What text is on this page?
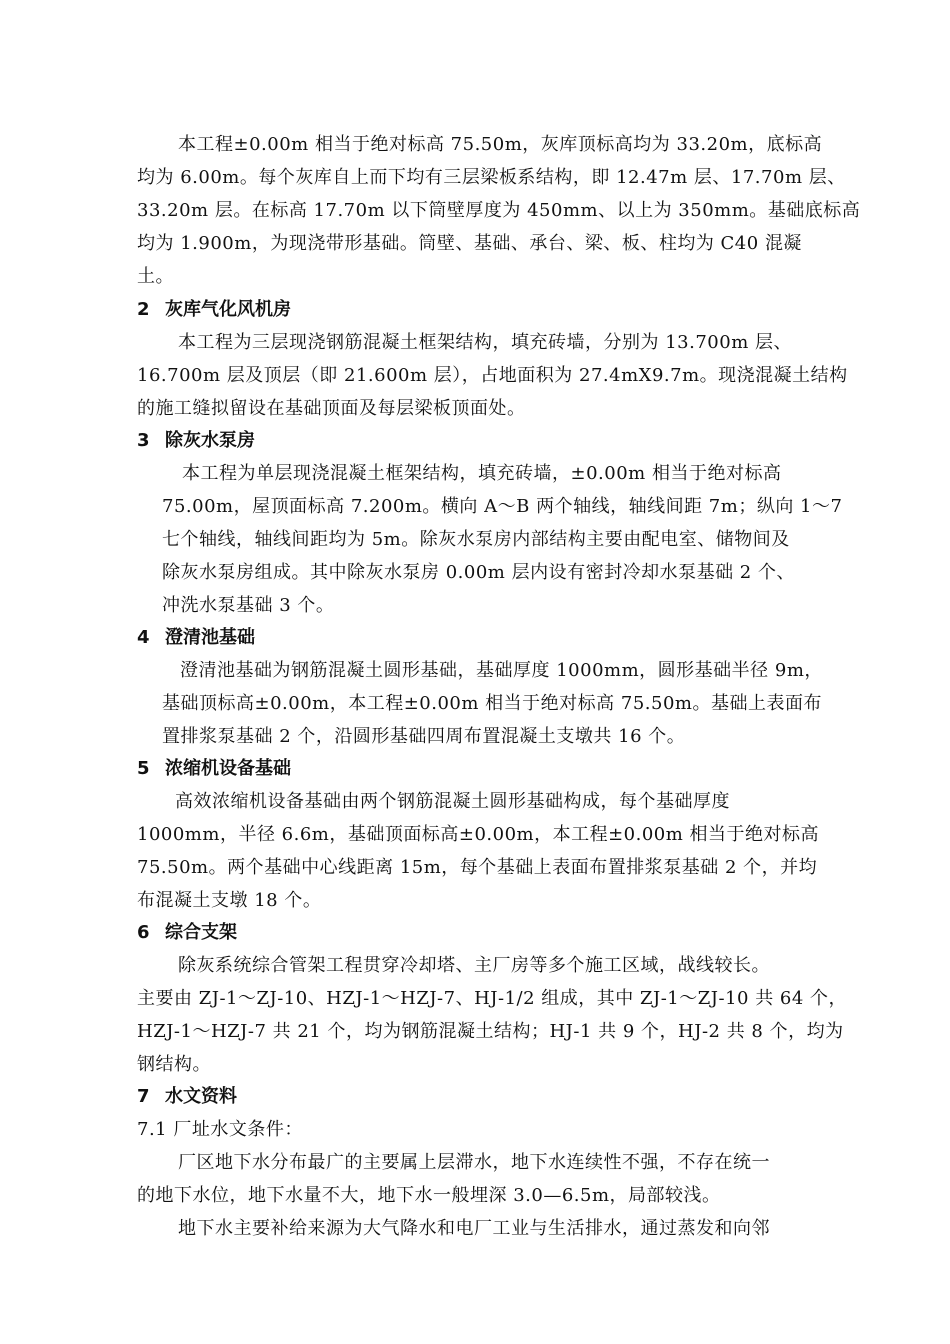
本工程±0.00m 相当于绝对标高 75.50m，灰库顶标高均为 33.20m，底标高
均为 6.00m。每个灰库自上而下均有三层梁板系结构，即 12.47m 层、17.70m 层、
33.20m 层。在标高 17.70m 以下筒壁厚度为 450mm、以上为 350mm。基础底标高
均为 1.900m，为现浇带形基础。筒壁、基础、承台、梁、板、柱均为 C40 混凝
土。
2 灰库气化风机房
本工程为三层现浇钢筋混凝土框架结构，填充砖墙，分别为 13.700m 层、
16.700m 层及顶层（即 21.600m 层），占地面积为 27.4mX9.7m。现浇混凝土结构
的施工缝拟留设在基础顶面及每层梁板顶面处。
3 除灰水泵房
本工程为单层现浇混凝土框架结构，填充砖墙，±0.00m 相当于绝对标高
75.00m，屋顶面标高 7.200m。横向 A～B 两个轴线，轴线间距 7m；纵向 1～7
七个轴线，轴线间距均为 5m。除灰水泵房内部结构主要由配电室、储物间及
除灰水泵房组成。其中除灰水泵房 0.00m 层内设有密封冷却水泵基础 2 个、
冲洗水泵基础 3 个。
4 澄清池基础
澄清池基础为钢筋混凝土圆形基础，基础厚度 1000mm，圆形基础半径 9m，
基础顶标高±0.00m，本工程±0.00m 相当于绝对标高 75.50m。基础上表面布
置排浆泵基础 2 个，沿圆形基础四周布置混凝土支墩共 16 个。
5 浓缩机设备基础
高效浓缩机设备基础由两个钢筋混凝土圆形基础构成，每个基础厚度
1000mm，半径 6.6m，基础顶面标高±0.00m，本工程±0.00m 相当于绝对标高
75.50m。两个基础中心线距离 15m，每个基础上表面布置排浆泵基础 2 个，并均
布混凝土支墩 18 个。
6 综合支架
除灰系统综合管架工程贯穿冷却塔、主厂房等多个施工区域，战线较长。
主要由 ZJ-1～ZJ-10、HZJ-1～HZJ-7、HJ-1/2 组成，其中 ZJ-1～ZJ-10 共 64 个，
HZJ-1～HZJ-7 共 21 个，均为钢筋混凝土结构；HJ-1 共 9 个，HJ-2 共 8 个，均为
钢结构。
7 水文资料
7.1 厂址水文条件：
厂区地下水分布最广的主要属上层滞水，地下水连续性不强，不存在统一
的地下水位，地下水量不大，地下水一般埋深 3.0—6.5m，局部较浅。
地下水主要补给来源为大气降水和电厂工业与生活排水，通过蒸发和向邻
